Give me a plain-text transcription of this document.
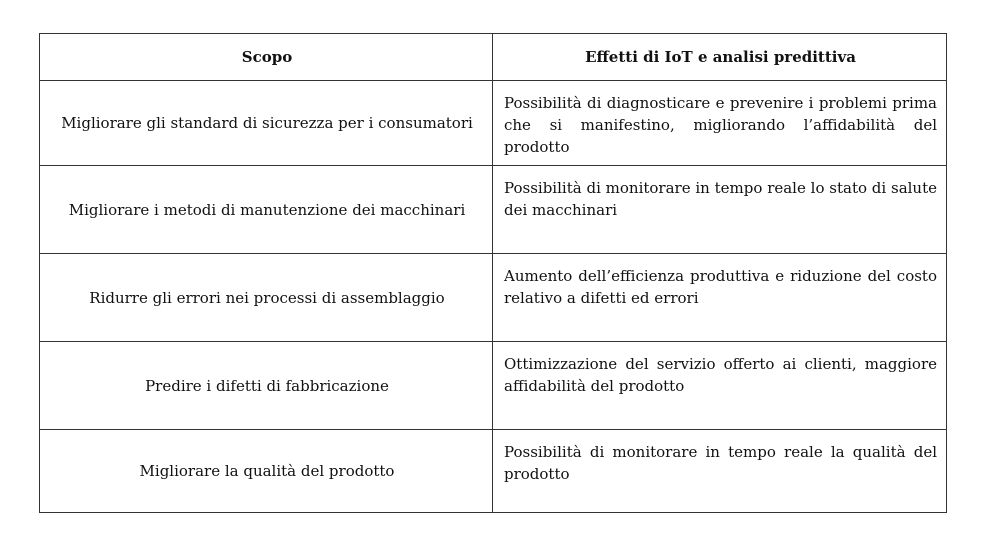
Scopo	Effetti di IoT e analisi predittiva
Migliorare gli standard di sicurezza per i consumatori	Possibilità di diagnosticare e prevenire i problemi prima che si manifestino, migliorando l’affidabilità del prodotto
Migliorare i metodi di manutenzione dei macchinari	Possibilità di monitorare in tempo reale lo stato di salute dei macchinari
Ridurre gli errori nei processi di assemblaggio	Aumento dell’efficienza produttiva e riduzione del costo relativo a difetti ed errori
Predire i difetti di fabbricazione	Ottimizzazione del servizio offerto ai clienti, maggiore affidabilità del prodotto
Migliorare la qualità del prodotto	Possibilità di monitorare in tempo reale la qualità del prodotto
